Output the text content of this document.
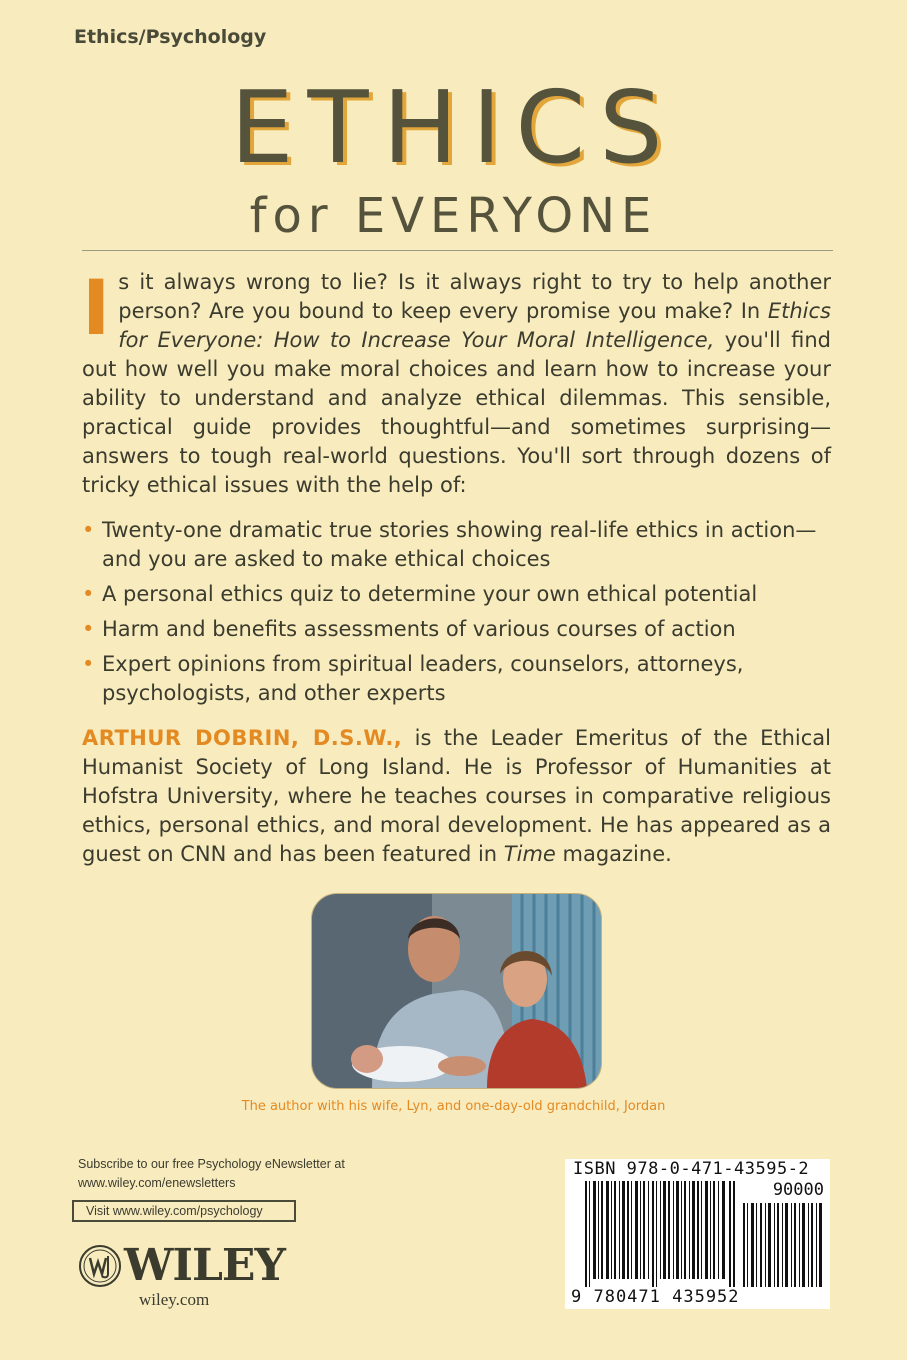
Ethics/Psychology
ETHICS
for EVERYONE
Is it always wrong to lie? Is it always right to try to help another person? Are you bound to keep every promise you make? In Ethics for Everyone: How to Increase Your Moral Intelligence, you'll find out how well you make moral choices and learn how to increase your ability to understand and analyze ethical dilemmas. This sensible, practical guide provides thoughtful—and sometimes surprising—answers to tough real-world questions. You'll sort through dozens of tricky ethical issues with the help of:
• Twenty-one dramatic true stories showing real-life ethics in action—and you are asked to make ethical choices
• A personal ethics quiz to determine your own ethical potential
• Harm and benefits assessments of various courses of action
• Expert opinions from spiritual leaders, counselors, attorneys, psychologists, and other experts
ARTHUR DOBRIN, D.S.W., is the Leader Emeritus of the Ethical Humanist Society of Long Island. He is Professor of Humanities at Hofstra University, where he teaches courses in comparative religious ethics, personal ethics, and moral development. He has appeared as a guest on CNN and has been featured in Time magazine.
The author with his wife, Lyn, and one-day-old grandchild, Jordan
Subscribe to our free Psychology eNewsletter at
www.wiley.com/enewsletters
Visit www.wiley.com/psychology
WILEY
wiley.com
ISBN 978-0-471-43595-2
90000
9 780471 435952
